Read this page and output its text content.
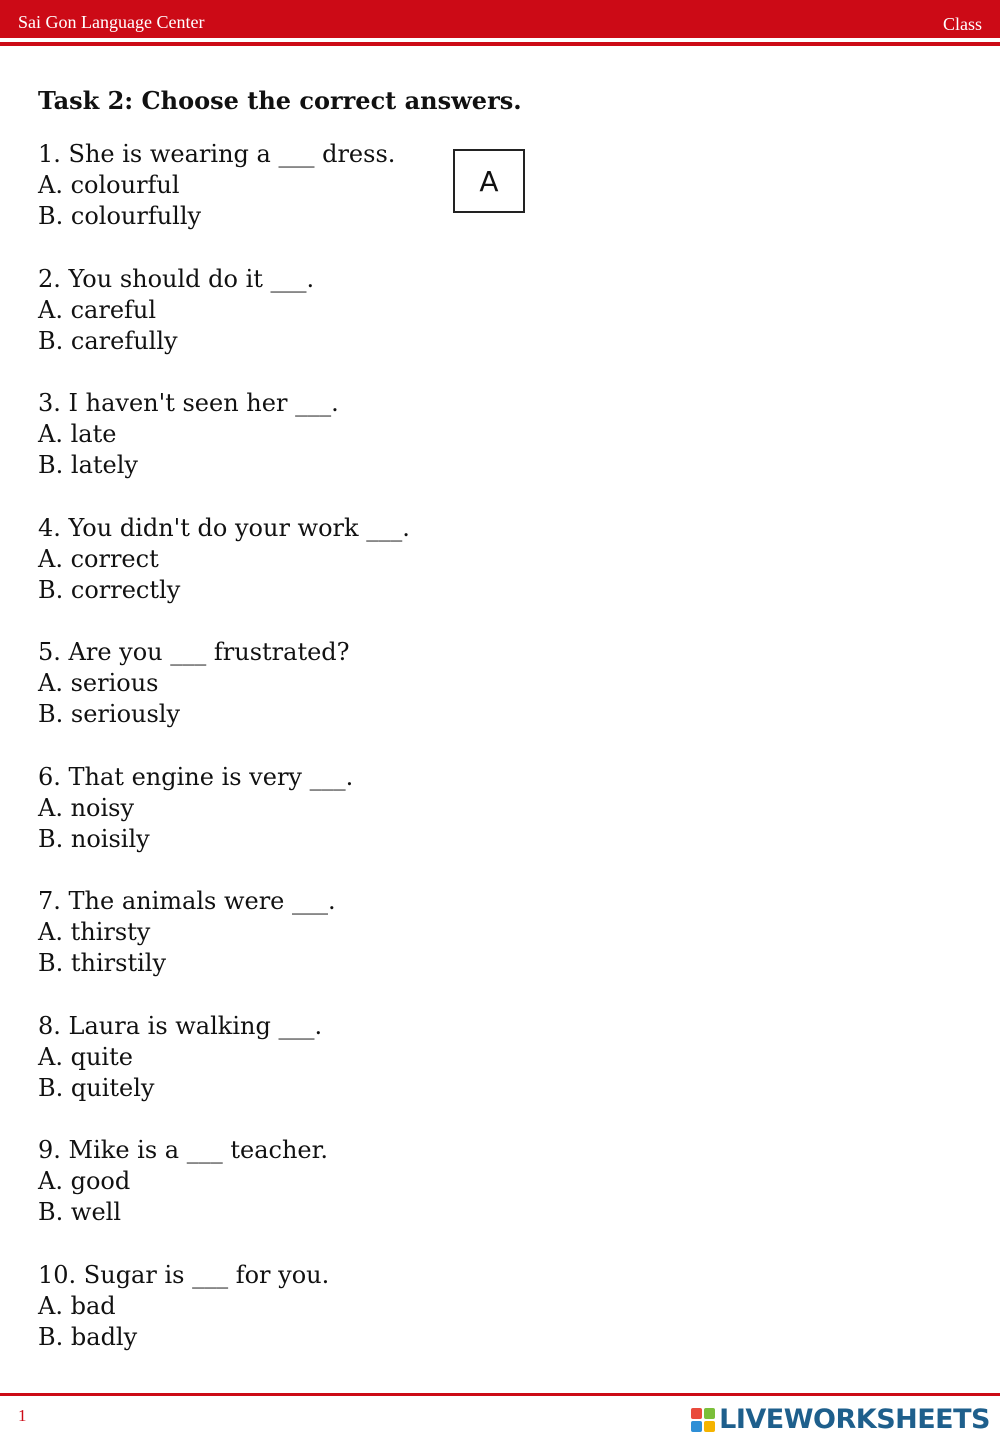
Sai Gon Language Center	Class
Task 2: Choose the correct answers.
1. She is wearing a ___ dress.
A. colourful
B. colourfully
2. You should do it ___.
A. careful
B. carefully
3. I haven't seen her ___.
A. late
B. lately
4. You didn't do your work ___.
A. correct
B. correctly
5. Are you ___ frustrated?
A. serious
B. seriously
6. That engine is very ___.
A. noisy
B. noisily
7. The animals were ___.
A. thirsty
B. thirstily
8. Laura is walking ___.
A. quite
B. quitely
9. Mike is a ___ teacher.
A. good
B. well
10. Sugar is ___ for you.
A. bad
B. badly
A
1	LIVEWORKSHEETS
